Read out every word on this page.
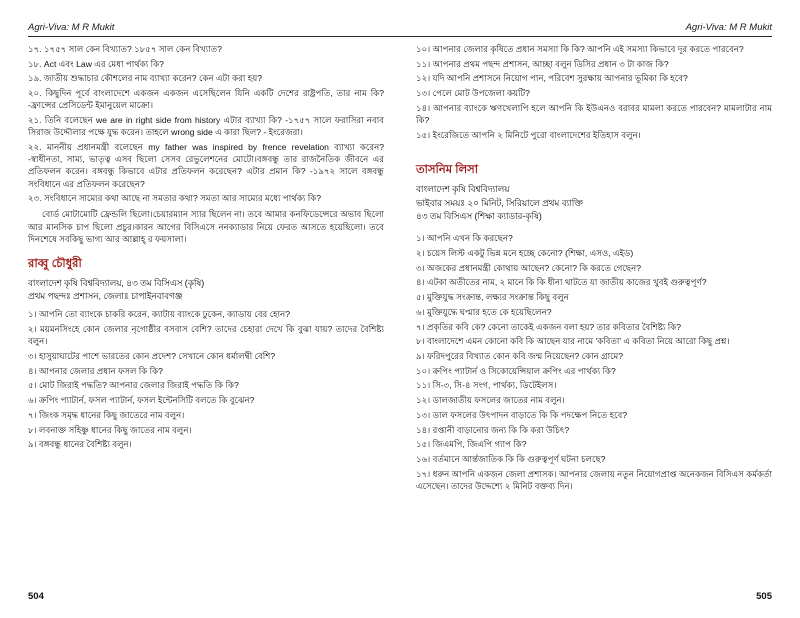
Agri-Viva: M R Mukit	Agri-Viva: M R Mukit

১৭. ১৭৫৭ সাল কেন বিখ্যাত? ১৮৫৭ সাল কেন বিখ্যাত?

১৮. Act এবং Law এর মেধা পার্থক্য কি?

১৯. জাতীয় শুদ্ধাচার কৌশলের নাম ব্যাখ্যা করেন? কেন এটা করা হয়?

২০. কিছুদিন পূর্বে বাংলাদেশে একজন একজন এসেছিলেন যিনি একটি দেশের রাষ্ট্রপতি, তার নাম কি? -ফ্রান্সের প্রেসিডেন্ট ইমানুয়েল মাক্রো।

২১. তিনি বলেছেন we are in right side from history এটার ব্যাখ্যা কি? -১৭৫৭ সালে ফরাসিরা নবাব সিরাজ উদ্দৌলার পক্ষে যুদ্ধ করেন। তাহলে wrong side এ কারা ছিল? - ইংরেজরা।

২২. মাননীয় প্রধানমন্ত্রী বলেছেন my father was inspired by frence revelation ব্যাখ্যা করেন? -স্বাধীনতা, সাম্য, ভাতৃত্ব এসব ছিলো সেসব রেভুলেশনের মোটো।বঙ্গবন্ধু তার রাজনৈতিক জীবনে এর প্রতিফলন করেন। বঙ্গবন্ধু কিভাবে এটার প্রতিফলন করেছেন? এটার প্রমান কি? -১৯৭২ সালে বঙ্গবন্ধু সংবিধানে এর প্রতিফলন করেছেন?

২৩. সংবিধানে সাম্যের কথা আছে না সমতার কথা? সমতা আর সাম্যের মধ্যে পার্থক্য কি?

বোর্ড মোটামোটি ফ্রেন্ডলি ছিলো।চেয়ারম্যান স্যার ছিলেন না। তবে আমার কনফিডেন্সেরে অভাব ছিলো আর মানসিক চাপ ছিলো প্রচুর।কারন আগের বিসিএসে ননক্যাডার নিয়ে ফেরত আসতে হয়েছিলো। তবে দিনশেষে সবকিছু ভাগ্য আর আল্লাহ্‌ র ফয়সালা।

রাব্বু চৌধুরী
বাংলাদেশ কৃষি বিশ্ববিদ্যালয়, ৪৩ তম বিসিএস (কৃষি)
প্রথম পছন্দঃ প্রশাসন, জেলাঃ চাপাইনবাবগঞ্জ

১। আপনি তো ব্যাংকে চাকরি করেন, ক্যাটায় ব্যাংকে ঢুকেন, ক্যাডায় বের হোন?

২। ময়মনসিংহে কোন জেলার নৃগোষ্ঠীর বসবাস বেশি? তাদের চেহারা দেখে কি বুঝা যায়? তাদের বৈশিষ্ট্য বলুন।

৩। হাসুয়াঘাটের পাশে ভারতের কোন প্রদেশ? সেখানে কোন ধর্মালম্বী বেশি?

৪। আপনার জেলার প্রধান ফসল কি কি?

৫। মোট জিরাই পদ্ধতি? আপনার জেলার জিরাই পদ্ধতি কি কি?

৬। ক্রপিং প্যাটার্ন, ফসল প্যাটার্ন, ফসল ইন্টেনসিটি বলতে কি বুঝেন?

৭। জিংক সমৃদ্ধ ধানের কিছু জাতেরে নাম বলুন।

৮। লবনাক্ত সহিষ্ণু ধানের কিছু জাতের নাম বলুন।

৯। বঙ্গবন্ধু ধানের বৈশিষ্ট্য বলুন।

১০। আপনার জেলার কৃষিতে প্রধান সমস্যা কি কি? আপনি এই সমস্যা কিভাবে দূর করতে পারবেন?

১১। আপনার প্রথম পছন্দ প্রশাসন, আচ্ছা বলুন ডিসির প্রধান ৩ টা কাজ কি?

১২। যদি আপনি প্রশাসনে নিয়োগ পান, পরিবেশ সুরক্ষায় আপনার ভূমিকা কি হবে?

১৩। পেলে মোট উপজেলা কয়টি?

১৪। আপনার ব্যাংকে ঋণখেলাপি হলে আপনি কি ইউএনও বরাবর মামলা করতে পারবেন? মামলাটার নাম কি?

১৫। ইংরেজিতে আপনি ২ মিনিটে পুরো বাংলাদেশের ইতিহাস বলুন।

তাসনিম লিসা
বাংলাদেশ কৃষি বিশ্ববিদ্যালয়
ভাইবার সময়ঃ ২০ মিনিট, সিরিয়ালে প্রথম ব্যাক্তি
৪৩ তম বিসিএস (শিক্ষা ক্যাডার-কৃষি)

১। আপনি এখন কি করছেন?

২। চয়েস লিস্ট একটু ভিন্ন মনে হচ্ছে কেনো? (শিক্ষা, এসও, এইড)

৩। অজকের প্রধানমন্ত্রী কোথায় আছেন? কেনো? কি করতে গেছেন?

৪। এটকা অতীতের নাম, ২ মানে কি কি ধীনা থাটতে যা জাতীয় কাজের খুবই গুরুত্বপূর্ণ?

৫। মুক্তিযুদ্ধ সংক্রান্ত, লক্ষ্যর সংক্রান্ত কিছু বলুন

৬। মুক্তিযুদ্ধে ঘপ্মার হতে কে হয়েছিলেন?

৭। প্রকৃতির কবি কে? কেনো তাকেই একজন বলা হয়? তার কবিতার বৈশিষ্ট্য কি?

৮। বাংলাদেশে এমন কোনো কবি কি আছেন যার নামে 'কবিতা' এ কবিতা নিয়ে আরো কিছু প্রশ্ন।

৯। ফরিদপুরের বিখ্যাত কোন কবি জন্ম নিয়েছেন? কোন গ্রামে?

১০। ক্রপিং প্যাটার্ন ও সিকোয়েন্সিয়াল ক্রপিং এর পার্থক্য কি?

১১। সি-৩, সি-৪ সংগ, পার্থক্য, ডিটেইলস।

১২। ডালজাতীয় ফসলের জাতের নাম বলুন।

১৩। ডাল ফসলের উৎপাদন বাড়াতে কি কি পদক্ষেপ নিতে হবে?

১৪। রপ্তানী বাড়ানোর জন্য কি কি করা উচিৎ?

১৫। জিএমপি, জিএপি গ্যাপ কি?

১৬। বর্তমানে আর্ন্তজাতিক কি কি গুরুত্বপূর্ণ ঘটনা চলছে?

১৭। ধরুন আপনি একজন জেলা প্রশাসক। আপনার জেলায় নতুন নিয়োগপ্রাপ্ত অনেকজন বিসিএস কর্মকর্তা এসেছেন। তাদের উদ্দেশ্যে ২ মিনিট বক্তব্য দিন।

504	505
